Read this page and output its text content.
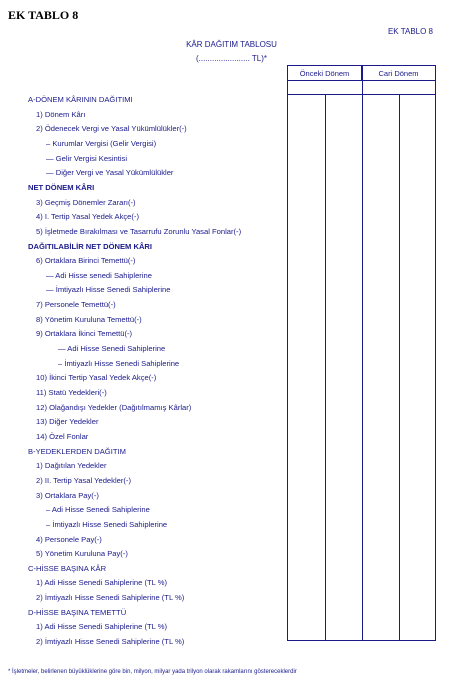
EK TABLO 8
EK TABLO 8
KÂR DAĞITIM TABLOSU
(....................... TL)*
Önceki Dönem	Cari Dönem
A-DÖNEM KÂRININ DAĞITIMI
1) Dönem Kârı
2) Ödenecek Vergi ve Yasal Yükümlülükler(-)
– Kurumlar Vergisi (Gelir Vergisi)
— Gelir Vergisi Kesintisi
— Diğer Vergi ve Yasal Yükümlülükler
NET DÖNEM KÂRI
3) Geçmiş Dönemler Zararı(-)
4) I. Tertip Yasal Yedek Akçe(-)
5) İşletmede Bırakılması ve Tasarrufu Zorunlu Yasal Fonlar(-)
DAĞITILABİLİR NET DÖNEM KÂRI
6) Ortaklara Birinci Temettü(-)
— Adi Hisse senedi Sahiplerine
— İmtiyazlı Hisse Senedi Sahiplerine
7) Personele Temettü(-)
8) Yönetim Kuruluna Temettü(-)
9) Ortaklara İkinci Temettü(-)
— Adi Hisse Senedi Sahiplerine
– İmtiyazlı Hisse Senedi Sahiplerine
10) İkinci Tertip Yasal Yedek Akçe(-)
11) Statü Yedekleri(-)
12) Olağandışı Yedekler (Dağıtılmamış Kârlar)
13) Diğer Yedekler
14) Özel Fonlar
B-YEDEKLERDEN DAĞITIM
1) Dağıtılan Yedekler
2) II. Tertip Yasal Yedekler(-)
3) Ortaklara Pay(-)
– Adi Hisse Senedi Sahiplerine
– İmtiyazlı Hisse Senedi Sahiplerine
4) Personele Pay(-)
5) Yönetim Kuruluna Pay(-)
C-HİSSE BAŞINA KÂR
1) Adi Hisse Senedi Sahiplerine (TL %)
2) İmtiyazlı Hisse Senedi Sahiplerine (TL %)
D-HİSSE BAŞINA TEMETTÜ
1) Adi Hisse Senedi Sahiplerine (TL %)
2) İmtiyazlı Hisse Senedi Sahiplerine (TL %)
* İşletmeler, belirlenen büyüklüklerine göre bin, milyon, milyar yada trilyon olarak rakamlarını göstereceklerdir
